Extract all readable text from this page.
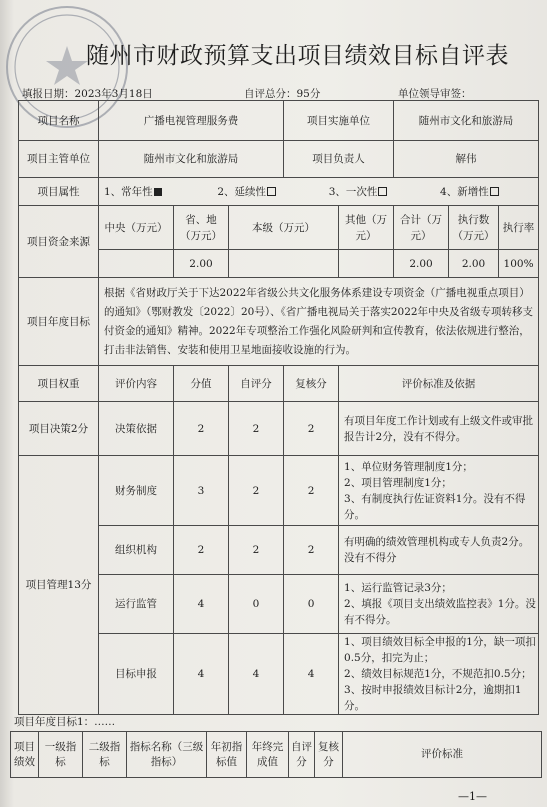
随州市财政预算支出项目绩效目标自评表
填报日期：2023年3月18日	自评总分：95分	单位领导审签：
项目名称	广播电视管理服务费			项目实施单位		随州市文化和旅游局		
项目主管单位	随州市文化和旅游局			项目负责人		解伟		
项目属性	1、常年性 2、延续性 3、一次性 4、新增性							
项目资金来源	中央（万元）	省、地（万元）	本级（万元）		其他（万元）	合计（万元）	执行数（万元）	执行率
		2.00				2.00	2.00	100%
项目年度目标	根据《省财政厅关于下达2022年省级公共文化服务体系建设专项资金（广播电视重点项目）的通知》（鄂财教发〔2022〕20号）、《省广播电视局关于落实2022年中央及省级专项转移支付资金的通知》精神。2022年专项整治工作强化风险研判和宣传教育，依法依规进行整治，打击非法销售、安装和使用卫星地面接收设施的行为。							
项目权重	评价内容	分值	自评分	复核分	评价标准及依据			
项目决策2分	决策依据	2	2	2	有项目年度工作计划或有上级文件或审批报告计2分，没有不得分。			
项目管理13分	财务制度	3	2	2	1、单位财务管理制度1分；
2、项目管理制度1分；
3、有制度执行佐证资料1分。没有不得分。			

	组织机构	2	2	2	有明确的绩效管理机构或专人负责2分。没有不得分			

	运行监管	4	0	0	1、运行监管记录3分；
2、填报《项目支出绩效监控表》1分。没有不得分。			

	目标申报	4	4	4	1、项目绩效目标全申报的1分，缺一项扣0.5分，扣完为止；
2、绩效目标规范1分，不规范扣0.5分；
3、按时申报绩效目标计2分，逾期扣1分。			
项目年度目标1：……
项目绩效	一级指标	二级指标	指标名称（三级指标）	年初指标值	年终完成值	自评分	复核分	评价标准
—1—
